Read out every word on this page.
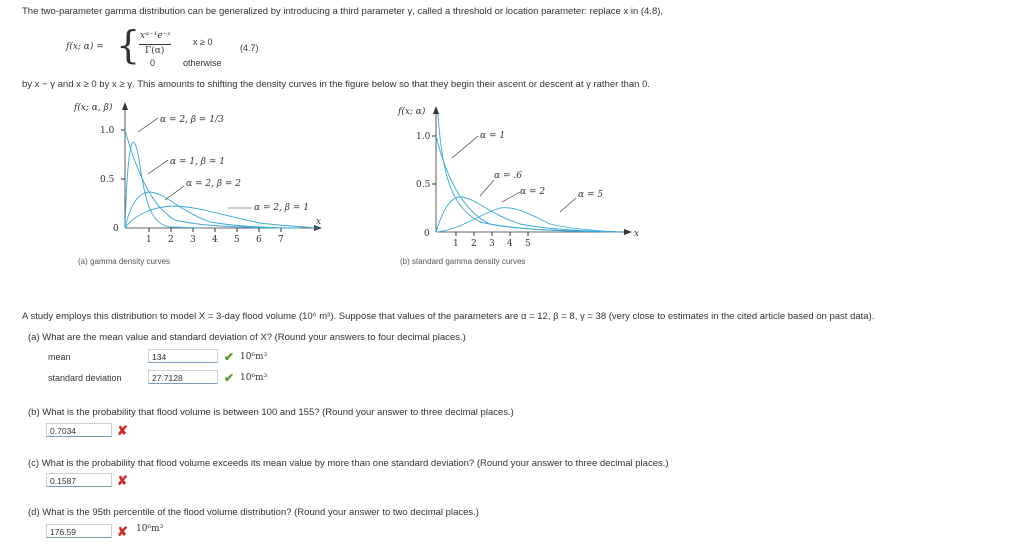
The two-parameter gamma distribution can be generalized by introducing a third parameter γ, called a threshold or location parameter: replace x in (4.8),
f(x; α) = { xᵅ⁻¹e⁻ˣ
Γ(α)
x ≥ 0
(4.7)
0	otherwise
by x − γ and x ≥ 0 by x ≥ γ. This amounts to shifting the density curves in the figure below so that they begin their ascent or descent at γ rather than 0.
f(x; α, β)
x
1.0
0.5
0
1 2 3 4 5 6 7
α = 2, β = 1/3
α = 1, β = 1
α = 2, β = 2
α = 2, β = 1
(a) gamma density curves
f(x; α)
x
1.0
0.5
0
1 2 3 4 5
α = 1
α = .6
α = 2	α = 5
(b) standard gamma density curves
A study employs this distribution to model X = 3-day flood volume (10⁶ m³). Suppose that values of the parameters are α = 12, β = 8, γ = 38 (very close to estimates in the cited article based on past data).
(a) What are the mean value and standard deviation of X? (Round your answers to four decimal places.)
mean	134	✔ 10⁶m³
standard deviation	27.7128	✔ 10⁶m³
(b) What is the probability that flood volume is between 100 and 155? (Round your answer to three decimal places.)
0.7034	✘
(c) What is the probability that flood volume exceeds its mean value by more than one standard deviation? (Round your answer to three decimal places.)
0.1587	✘
(d) What is the 95th percentile of the flood volume distribution? (Round your answer to two decimal places.)
176.59	✘ 10⁶m³
